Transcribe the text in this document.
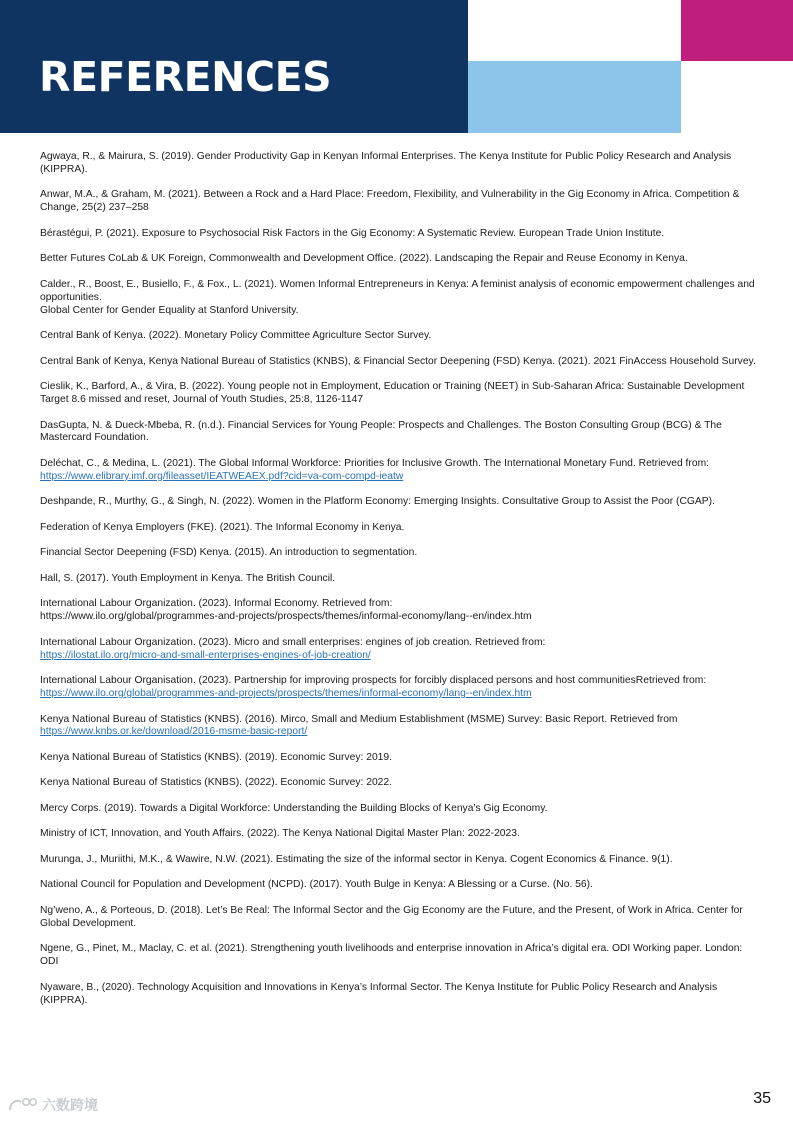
REFERENCES
Agwaya, R., & Mairura, S. (2019). Gender Productivity Gap in Kenyan Informal Enterprises. The Kenya Institute for Public Policy Research and Analysis (KIPPRA).
Anwar, M.A., & Graham, M. (2021). Between a Rock and a Hard Place: Freedom, Flexibility, and Vulnerability in the Gig Economy in Africa. Competition & Change, 25(2) 237–258
Bérastégui, P. (2021). Exposure to Psychosocial Risk Factors in the Gig Economy: A Systematic Review. European Trade Union Institute.
Better Futures CoLab & UK Foreign, Commonwealth and Development Office. (2022). Landscaping the Repair and Reuse Economy in Kenya.
Calder., R., Boost, E., Busiello, F., & Fox., L. (2021). Women Informal Entrepreneurs in Kenya: A feminist analysis of economic empowerment challenges and opportunities.
Global Center for Gender Equality at Stanford University.
Central Bank of Kenya. (2022). Monetary Policy Committee Agriculture Sector Survey.
Central Bank of Kenya, Kenya National Bureau of Statistics (KNBS), & Financial Sector Deepening (FSD) Kenya. (2021). 2021 FinAccess Household Survey.
Cieslik, K., Barford, A., & Vira, B. (2022). Young people not in Employment, Education or Training (NEET) in Sub-Saharan Africa: Sustainable Development Target 8.6 missed and reset, Journal of Youth Studies, 25:8, 1126-1147
DasGupta, N. & Dueck-Mbeba, R. (n.d.). Financial Services for Young People: Prospects and Challenges. The Boston Consulting Group (BCG) & The Mastercard Foundation.
Deléchat, C., & Medina, L. (2021). The Global Informal Workforce: Priorities for Inclusive Growth. The International Monetary Fund. Retrieved from:
https://www.elibrary.imf.org/fileasset/IEATWEAEX.pdf?cid=va-com-compd-ieatw
Deshpande, R., Murthy, G., & Singh, N. (2022). Women in the Platform Economy: Emerging Insights. Consultative Group to Assist the Poor (CGAP).
Federation of Kenya Employers (FKE). (2021). The Informal Economy in Kenya.
Financial Sector Deepening (FSD) Kenya. (2015). An introduction to segmentation.
Hall, S. (2017). Youth Employment in Kenya. The British Council.
International Labour Organization. (2023). Informal Economy. Retrieved from:
https://www.ilo.org/global/programmes-and-projects/prospects/themes/informal-economy/lang--en/index.htm
International Labour Organization. (2023). Micro and small enterprises: engines of job creation. Retrieved from:
https://ilostat.ilo.org/micro-and-small-enterprises-engines-of-job-creation/
International Labour Organisation. (2023). Partnership for improving prospects for forcibly displaced persons and host communitiesRetrieved from:
https://www.ilo.org/global/programmes-and-projects/prospects/themes/informal-economy/lang--en/index.htm
Kenya National Bureau of Statistics (KNBS). (2016). Mirco, Small and Medium Establishment (MSME) Survey: Basic Report. Retrieved from
https://www.knbs.or.ke/download/2016-msme-basic-report/
Kenya National Bureau of Statistics (KNBS). (2019). Economic Survey: 2019.
Kenya National Bureau of Statistics (KNBS). (2022). Economic Survey: 2022.
Mercy Corps. (2019). Towards a Digital Workforce: Understanding the Building Blocks of Kenya’s Gig Economy.
Ministry of ICT, Innovation, and Youth Affairs. (2022). The Kenya National Digital Master Plan: 2022-2023.
Murunga, J., Muriithi, M.K., & Wawire, N.W. (2021). Estimating the size of the informal sector in Kenya. Cogent Economics & Finance. 9(1).
National Council for Population and Development (NCPD). (2017). Youth Bulge in Kenya: A Blessing or a Curse. (No. 56).
Ng’weno, A., & Porteous, D. (2018). Let’s Be Real: The Informal Sector and the Gig Economy are the Future, and the Present, of Work in Africa. Center for Global Development.
Ngene, G., Pinet, M., Maclay, C. et al. (2021). Strengthening youth livelihoods and enterprise innovation in Africa’s digital era. ODI Working paper. London: ODI
Nyaware, B., (2020). Technology Acquisition and Innovations in Kenya’s Informal Sector. The Kenya Institute for Public Policy Research and Analysis (KIPPRA).
六数跨境	35
